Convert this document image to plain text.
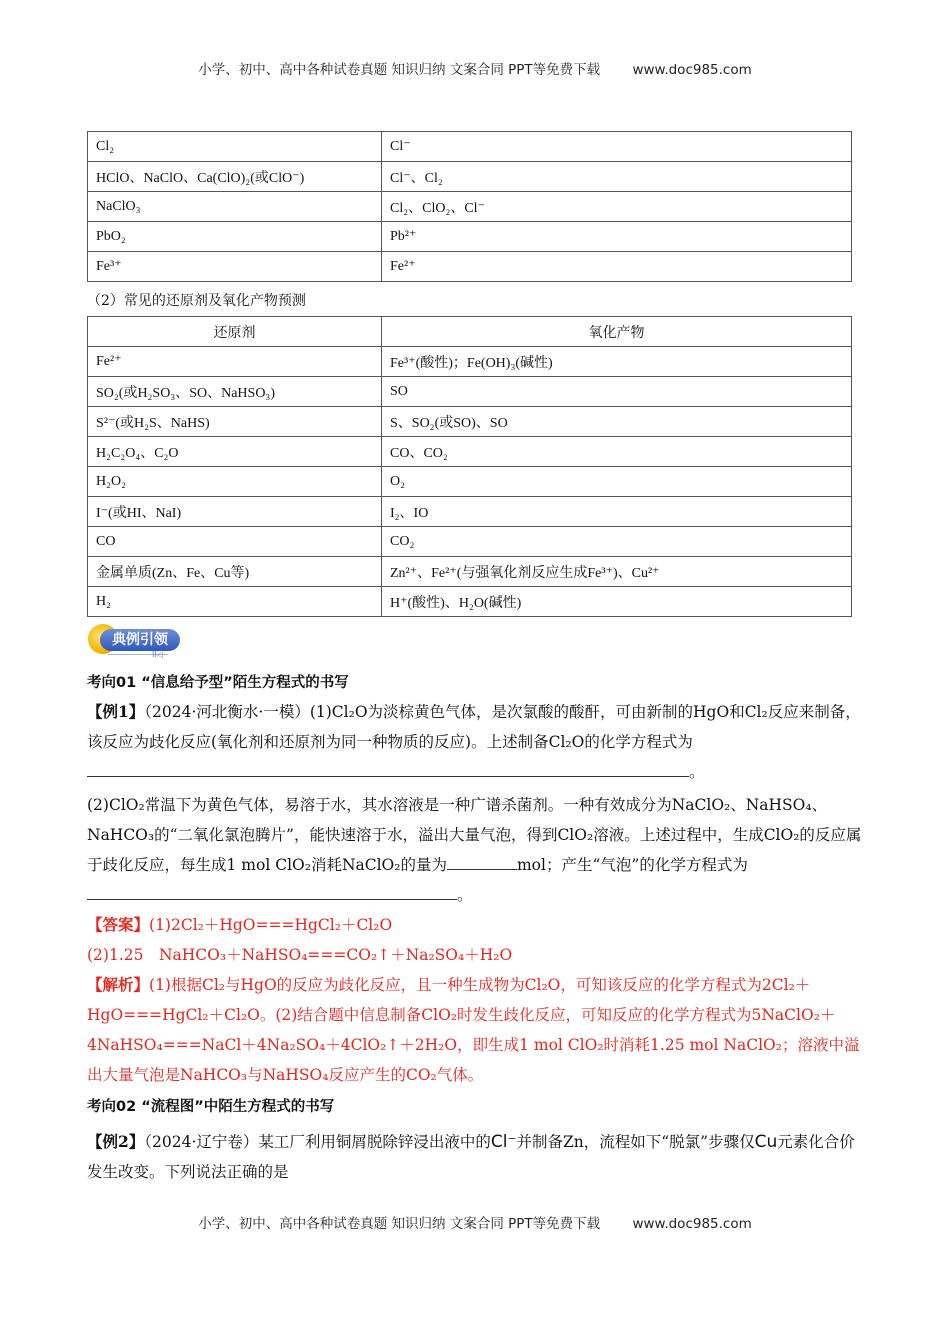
小学、初中、高中各种试卷真题 知识归纳 文案合同 PPT等免费下载 www.doc985.com
Cl₂	Cl⁻
HClO、NaClO、Ca(ClO)₂(或ClO⁻)	Cl⁻、Cl₂
NaClO₃	Cl₂、ClO₂、Cl⁻
PbO₂	Pb²⁺
Fe³⁺	Fe²⁺
（2）常见的还原剂及氧化产物预测
还原剂	氧化产物
Fe²⁺	Fe³⁺(酸性)；Fe(OH)₃(碱性)
SO₂(或H₂SO₃、SO、NaHSO₃)	SO
S²⁻(或H₂S、NaHS)	S、SO₂(或SO)、SO
H₂C₂O₄、C₂O	CO、CO₂
H₂O₂	O₂
I⁻(或HI、NaI)	I₂、IO
CO	CO₂
金属单质(Zn、Fe、Cu等)	Zn²⁺、Fe²⁺(与强氧化剂反应生成Fe³⁺)、Cu²⁺
H₂	H⁺(酸性)、H₂O(碱性)
典例引领
II◁
考向01 “信息给予型”陌生方程式的书写
【例1】（2024·河北衡水·一模）(1)Cl₂O为淡棕黄色气体，是次氯酸的酸酐，可由新制的HgO和Cl₂反应来制备，该反应为歧化反应(氧化剂和还原剂为同一种物质的反应)。上述制备Cl₂O的化学方程式为
。
(2)ClO₂常温下为黄色气体，易溶于水，其水溶液是一种广谱杀菌剂。一种有效成分为NaClO₂、NaHSO₄、NaHCO₃的“二氧化氯泡腾片”，能快速溶于水，溢出大量气泡，得到ClO₂溶液。上述过程中，生成ClO₂的反应属于歧化反应，每生成1 mol ClO₂消耗NaClO₂的量为	mol；产生“气泡”的化学方程式为
。
【答案】(1)2Cl₂＋HgO===HgCl₂＋Cl₂O
(2)1.25　NaHCO₃＋NaHSO₄===CO₂↑＋Na₂SO₄＋H₂O
【解析】(1)根据Cl₂与HgO的反应为歧化反应，且一种生成物为Cl₂O，可知该反应的化学方程式为2Cl₂＋HgO===HgCl₂＋Cl₂O。(2)结合题中信息制备ClO₂时发生歧化反应，可知反应的化学方程式为5NaClO₂＋4NaHSO₄===NaCl＋4Na₂SO₄＋4ClO₂↑＋2H₂O，即生成1 mol ClO₂时消耗1.25 mol NaClO₂；溶液中溢出大量气泡是NaHCO₃与NaHSO₄反应产生的CO₂气体。
考向02 “流程图”中陌生方程式的书写
【例2】（2024·辽宁卷）某工厂利用铜屑脱除锌浸出液中的Cl⁻并制备Zn，流程如下“脱氯”步骤仅Cu元素化合价发生改变。下列说法正确的是
小学、初中、高中各种试卷真题 知识归纳 文案合同 PPT等免费下载 www.doc985.com
